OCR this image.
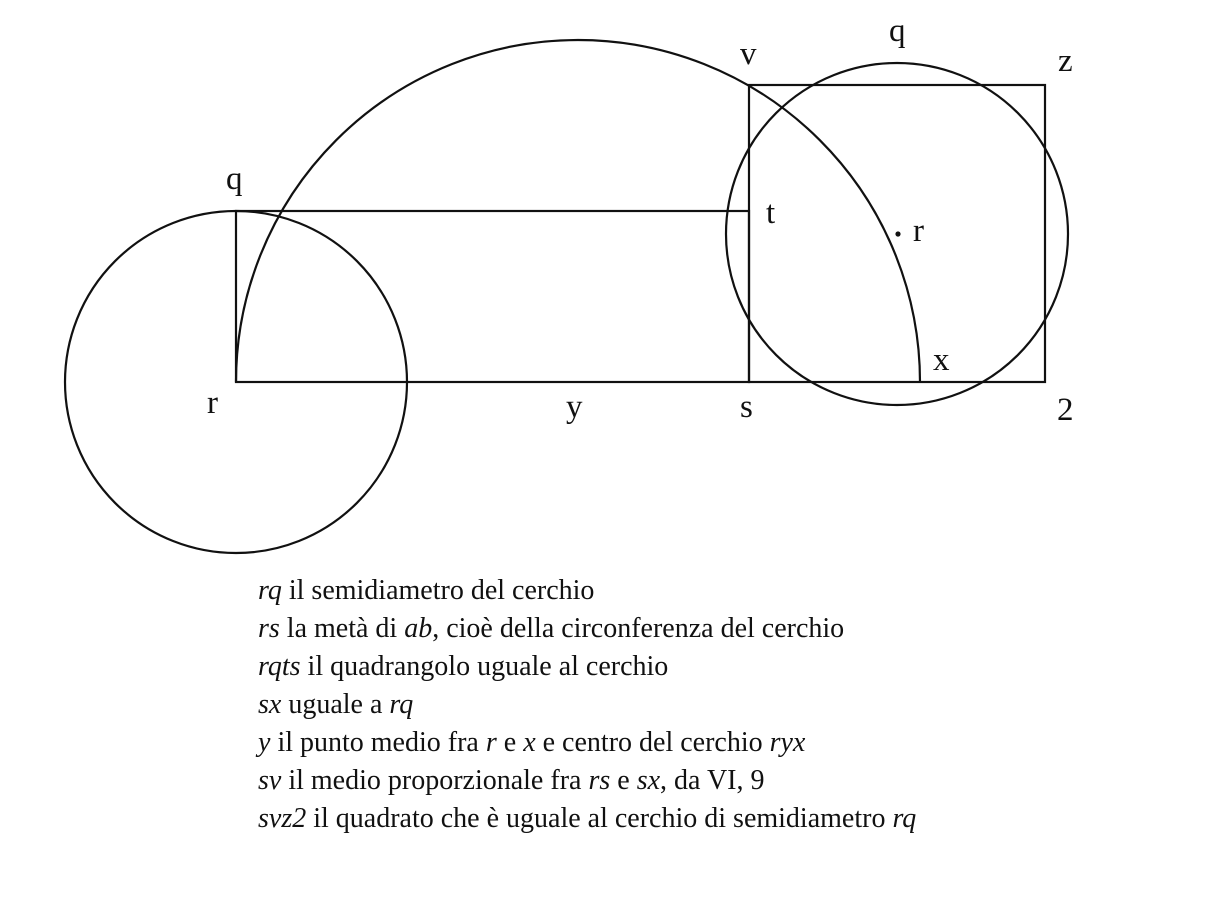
q
r	y	s
t
v
q
z
r
x
2
rq il semidiametro del cerchio
rs la metà di ab, cioè della circonferenza del cerchio
rqts il quadrangolo uguale al cerchio
sx uguale a rq
y il punto medio fra r e x e centro del cerchio ryx
sv il medio proporzionale fra rs e sx, da VI, 9
svz2 il quadrato che è uguale al cerchio di semidiametro rq
